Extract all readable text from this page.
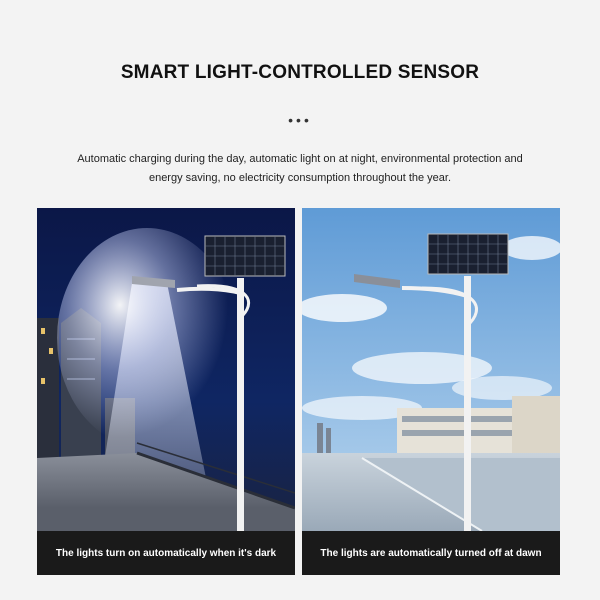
SMART LIGHT-CONTROLLED SENSOR
•••
Automatic charging during the day, automatic light on at night, environmental protection and energy saving, no electricity consumption throughout the year.
The lights turn on automatically when it's dark	The lights are automatically turned off at dawn
